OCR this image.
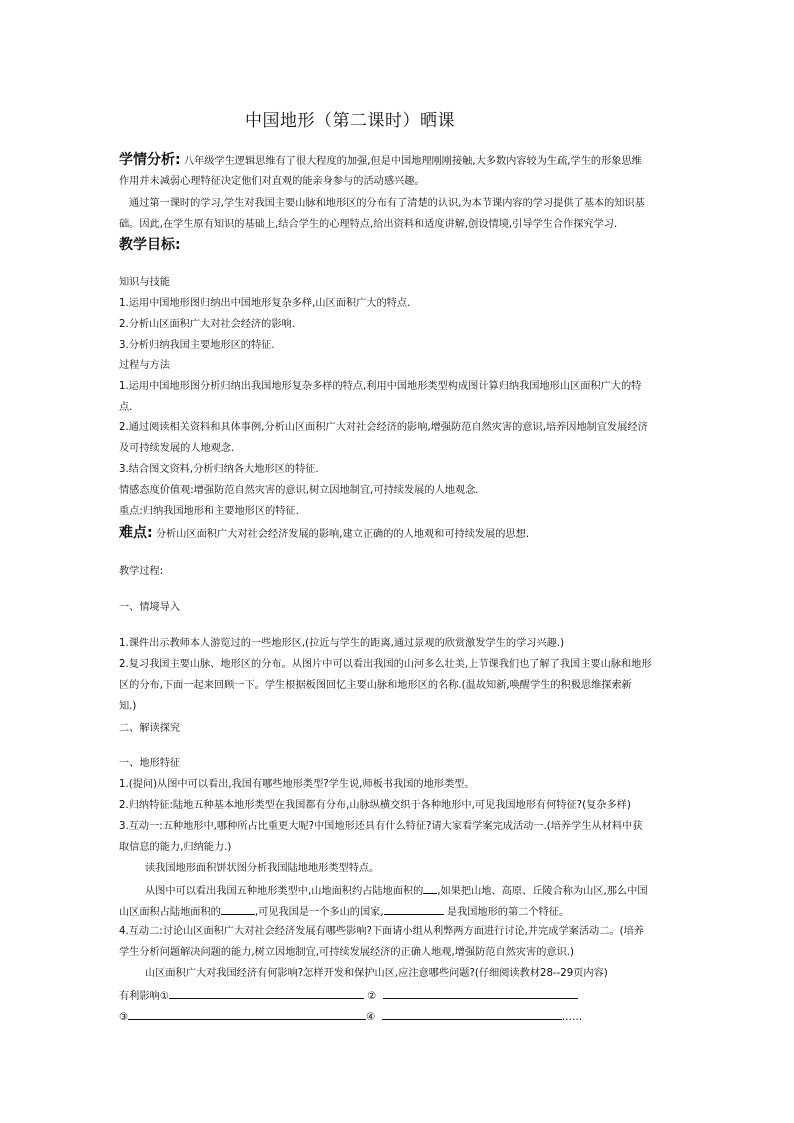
中国地形（第二课时）晒课
学情分析: 八年级学生逻辑思维有了很大程度的加强,但是中国地理刚刚接触,大多数内容较为生疏,学生的形象思维
作用并未减弱心理特征决定他们对直观的能亲身参与的活动感兴趣。
通过第一课时的学习,学生对我国主要山脉和地形区的分布有了清楚的认识,为本节课内容的学习提供了基本的知识基
础。因此,在学生原有知识的基础上,结合学生的心理特点,给出资料和适度讲解,创设情境,引导学生合作探究学习.
教学目标:
知识与技能
1.运用中国地形图归纳出中国地形复杂多样,山区面积广大的特点.
2.分析山区面积广大对社会经济的影响.
3.分析归纳我国主要地形区的特征.
过程与方法
1.运用中国地形图分析归纳出我国地形复杂多样的特点,利用中国地形类型构成图计算归纳我国地形山区面积广大的特
点.
2.通过阅读相关资料和具体事例,分析山区面积广大对社会经济的影响,增强防范自然灾害的意识,培养因地制宜发展经济
及可持续发展的人地观念.
3.结合图文资料,分析归纳各大地形区的特征.
情感态度价值观:增强防范自然灾害的意识,树立因地制宜,可持续发展的人地观念.
重点:归纳我国地形和主要地形区的特征.
难点: 分析山区面积广大对社会经济发展的影响,建立正确的的人地观和可持续发展的思想.
教学过程:
一、情境导入
1.课件出示教师本人游览过的一些地形区,(拉近与学生的距离,通过景观的欣赏激发学生的学习兴趣.)
2.复习我国主要山脉、地形区的分布。从图片中可以看出我国的山河多么壮美,上节课我们也了解了我国主要山脉和地形
区的分布,下面一起来回顾一下。学生根据板图回忆主要山脉和地形区的名称.(温故知新,唤醒学生的积极思维探索新
知.)
二、解读探究
一、地形特征
1.(提问)从图中可以看出,我国有哪些地形类型?学生说,师板书我国的地形类型。
2.归纳特征:陆地五种基本地形类型在我国都有分布,山脉纵横交织于各种地形中,可见我国地形有何特征?(复杂多样)
3.互动一:五种地形中,哪种所占比重更大呢?中国地形还具有什么特征?请大家看学案完成活动一.(培养学生从材料中获
取信息的能力,归纳能力.)
读我国地形面积饼状图分析我国陆地地形类型特点。
从图中可以看出我国五种地形类型中,山地面积约占陆地面积的 ,如果把山地、高原、丘陵合称为山区,那么中国
山区面积占陆地面积的	,可见我国是一个多山的国家,	是我国地形的第二个特征。
4.互动二:讨论山区面积广大对社会经济发展有哪些影响?下面请小组从利弊两方面进行讨论,并完成学案活动二。(培养
学生分析问题解决问题的能力,树立因地制宜,可持续发展经济的正确人地观,增强防范自然灾害的意识.)
山区面积广大对我国经济有何影响?怎样开发和保护山区,应注意哪些问题?(仔细阅读教材28--29页内容)
有利影响①	②
③	④	……
